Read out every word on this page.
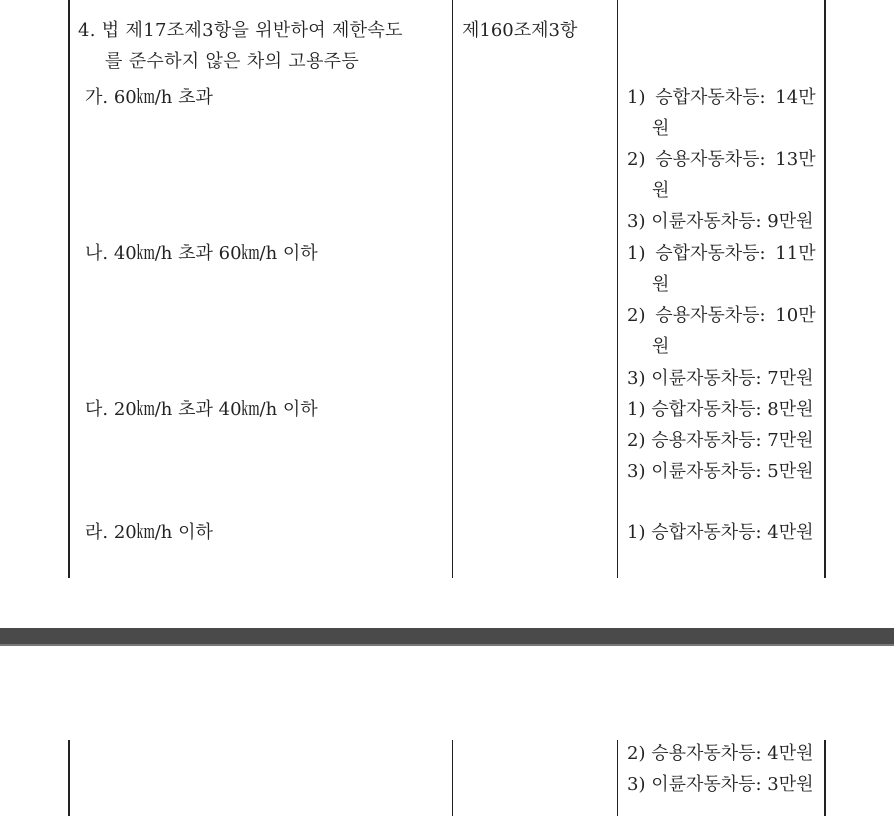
4. 법 제17조제3항을 위반하여 제한속도
를 준수하지 않은 차의 고용주등
제160조제3항
가. 60㎞/h 초과
나. 40㎞/h 초과 60㎞/h 이하
다. 20㎞/h 초과 40㎞/h 이하
라. 20㎞/h 이하
1) 승합자동차등: 14만
원
2) 승용자동차등: 13만
원
3) 이륜자동차등: 9만원
1) 승합자동차등: 11만
원
2) 승용자동차등: 10만
원
3) 이륜자동차등: 7만원
1) 승합자동차등: 8만원
2) 승용자동차등: 7만원
3) 이륜자동차등: 5만원
1) 승합자동차등: 4만원
2) 승용자동차등: 4만원
3) 이륜자동차등: 3만원
